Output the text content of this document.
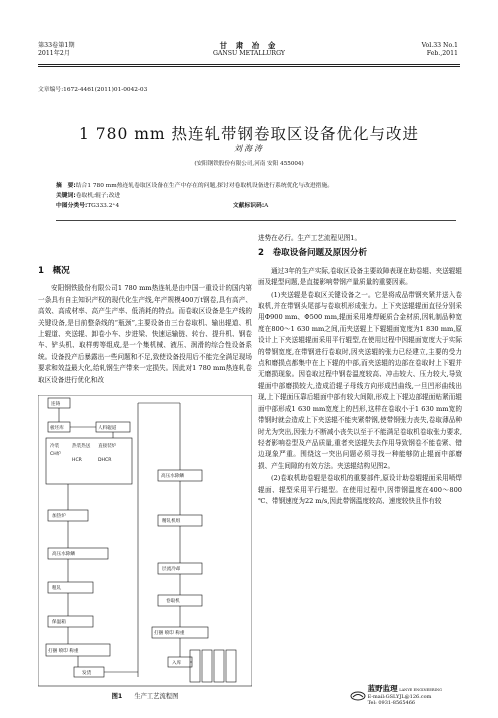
第33卷第1期
2011年2月
甘 肃 冶 金
GANSU METALLURGY
Vol.33 No.1
Feb.,2011
文章编号:1672-4461(2011)01-0042-03
1 780 mm 热连轧带钢卷取区设备优化与改进
刘海涛
(安阳钢铁股份有限公司,河南 安阳 455004)
摘　要:结合1 780 mm热连轧卷取区设备在生产中存在的问题,探讨对卷取机设备进行系统优化与改进措施。
关键词:卷取机;辊子;改进
中图分类号:TG333.2⁺4	文献标识码:A
1　概况
安阳钢铁股份有限公司1 780 mm热连轧是由中国一重设计的国内第一条具有自主知识产权的现代化生产线,年产规模400万t钢卷,具有高产、高效、高成材率、高产生产率、低消耗的特点。而卷取区设备是生产线的关键设备,是目前整条线的“瓶颈”,主要设备由三台卷取机、输出辊道、机上辊道、夹送辊、卸卷小车、步进梁、快速运输链、转台、提升机、钢卷车、铲头机、取样剪等组成,是一个集机械、液压、润滑的综合性设备系统。设备投产后暴露出一些问题和不足,致使设备投用后不能完全满足现场要求和效益最大化,给轧钢生产带来一定损失。因此对1 780 mm热连轧卷取区设备进行优化和改
连铸
板坯库	人料辊道
冷装
CH炉
热装热送
HCR
直接装炉
DHCR
加热炉
高压水除鳞
粗轧
保温箱
打捆 喷印 称重
发货
高压水除鳞
精轧机组
层流冷却
卷取机
打捆 喷印 称重
入库
图1 生产工艺流程图
进势在必行。生产工艺流程见图1。
2　卷取设备问题及原因分析
通过3年的生产实际,卷取区设备主要故障表现在助卷辊、夹送辊辊面及辊型问题,是直接影响带钢产量质量的重要因素。
(1)夹送辊是卷取区关键设备之一。它是将成品带钢夹紧并送入卷取机,并在带钢头尾部与卷取机形成张力。上下夹送辊辊面直径分别采用Φ900 mm、Φ500 mm,辊面采用堆焊硬质合金材质,因轧制品种宽度在800～1 630 mm之间,而夹送辊上下辊辊面宽度为1 830 mm,原设计上下夹送辊辊面采用平行辊型,在使用过程中因辊面宽度大于实际的带钢宽度,在带钢进行卷取时,因夹送辊的张力已经建立,主要的受力点和磨损点都集中在上下辊的中部,而夹送辊的边部在卷取时上下辊并无磨损现象。因卷取过程中钢卷温度较高、冲击较大、压力较大,导致辊面中部磨损较大,造成沿辊子母线方向形成凹曲线,一旦凹形曲线出现,上下辊面压靠后辊面中部有较大间隙,形成上下辊边部辊面贴紧而辊面中部形成1 630 mm宽度上的凹形,这样在卷取小于1 630 mm宽的带钢时就会造成上下夹送辊不能夹紧带钢,使带钢张力丧失,卷取薄品种时尤为突出,因张力不断减小丧失以至于不能满足卷取机卷取张力要求,轻者影响卷型及产品质量,重者夹送辊失去作用导致钢卷不能卷紧、错边现象严重。围绕这一突出问题必须寻找一种能够防止辊面中部磨损、产生间隙的有效方法。夹送辊结构见图2。
(2)卷取机助卷辊是卷取机的重要部件,原设计助卷辊辊面采用喷焊辊面、辊型采用平行辊型。在使用过程中,因带钢温度在400～800 ℃、带钢速度为22 m/s,因此带钢温度较高、速度较快且作有较
蓝野监理 LANYE ENGINEERING
E-mail:GSLYJL@126.com
Tel: 0931-8565466
